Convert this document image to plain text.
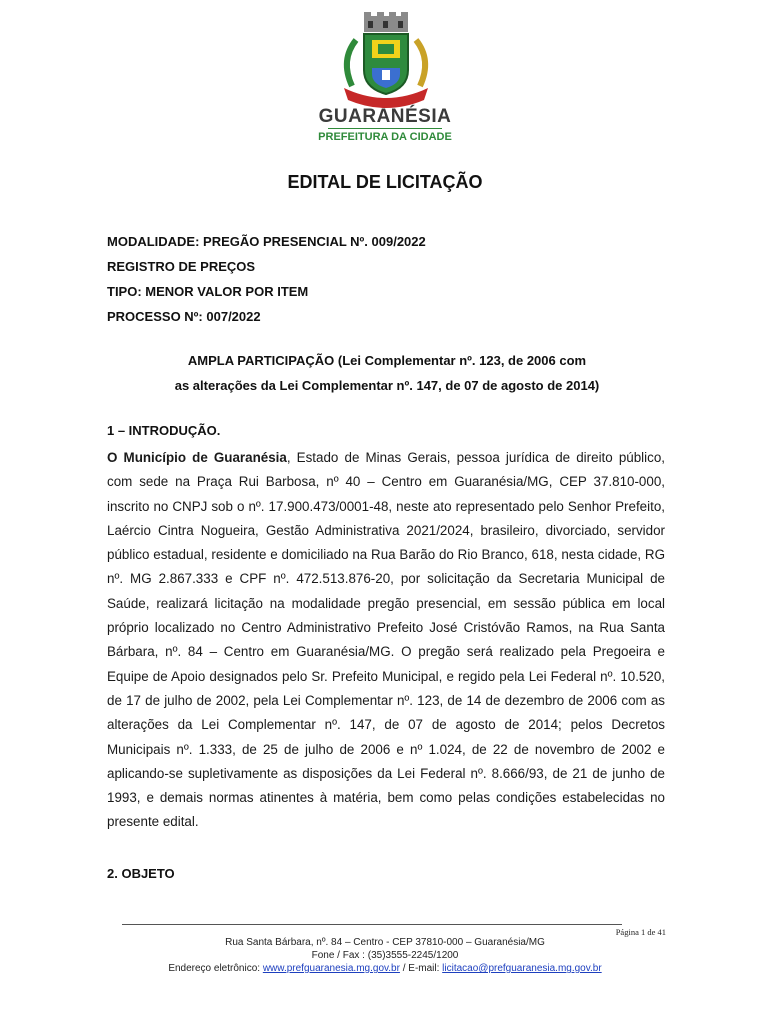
GUARANÉSIA
PREFEITURA DA CIDADE
EDITAL DE LICITAÇÃO
MODALIDADE: PREGÃO PRESENCIAL Nº. 009/2022
REGISTRO DE PREÇOS
TIPO: MENOR VALOR POR ITEM
PROCESSO Nº: 007/2022
AMPLA PARTICIPAÇÃO (Lei Complementar nº. 123, de 2006 com
as alterações da Lei Complementar nº. 147, de 07 de agosto de 2014)
1 – INTRODUÇÃO.
O Município de Guaranésia, Estado de Minas Gerais, pessoa jurídica de direito público, com sede na Praça Rui Barbosa, nº 40 – Centro em Guaranésia/MG, CEP 37.810-000, inscrito no CNPJ sob o nº. 17.900.473/0001-48, neste ato representado pelo Senhor Prefeito, Laércio Cintra Nogueira, Gestão Administrativa 2021/2024, brasileiro, divorciado, servidor público estadual, residente e domiciliado na Rua Barão do Rio Branco, 618, nesta cidade, RG nº. MG 2.867.333 e CPF nº. 472.513.876-20, por solicitação da Secretaria Municipal de Saúde, realizará licitação na modalidade pregão presencial, em sessão pública em local próprio localizado no Centro Administrativo Prefeito José Cristóvão Ramos, na Rua Santa Bárbara, nº. 84 – Centro em Guaranésia/MG. O pregão será realizado pela Pregoeira e Equipe de Apoio designados pelo Sr. Prefeito Municipal, e regido pela Lei Federal nº. 10.520, de 17 de julho de 2002, pela Lei Complementar nº. 123, de 14 de dezembro de 2006 com as alterações da Lei Complementar nº. 147, de 07 de agosto de 2014; pelos Decretos Municipais nº. 1.333, de 25 de julho de 2006 e nº 1.024, de 22 de novembro de 2002 e aplicando-se supletivamente as disposições da Lei Federal nº. 8.666/93, de 21 de junho de 1993, e demais normas atinentes à matéria, bem como pelas condições estabelecidas no presente edital.
2. OBJETO
Página 1 de 41
Rua Santa Bárbara, nº. 84 – Centro - CEP 37810-000 – Guaranésia/MG
Fone / Fax : (35)3555-2245/1200
Endereço eletrônico: www.prefguaranesia.mg.gov.br / E-mail: licitacao@prefguaranesia.mg.gov.br
